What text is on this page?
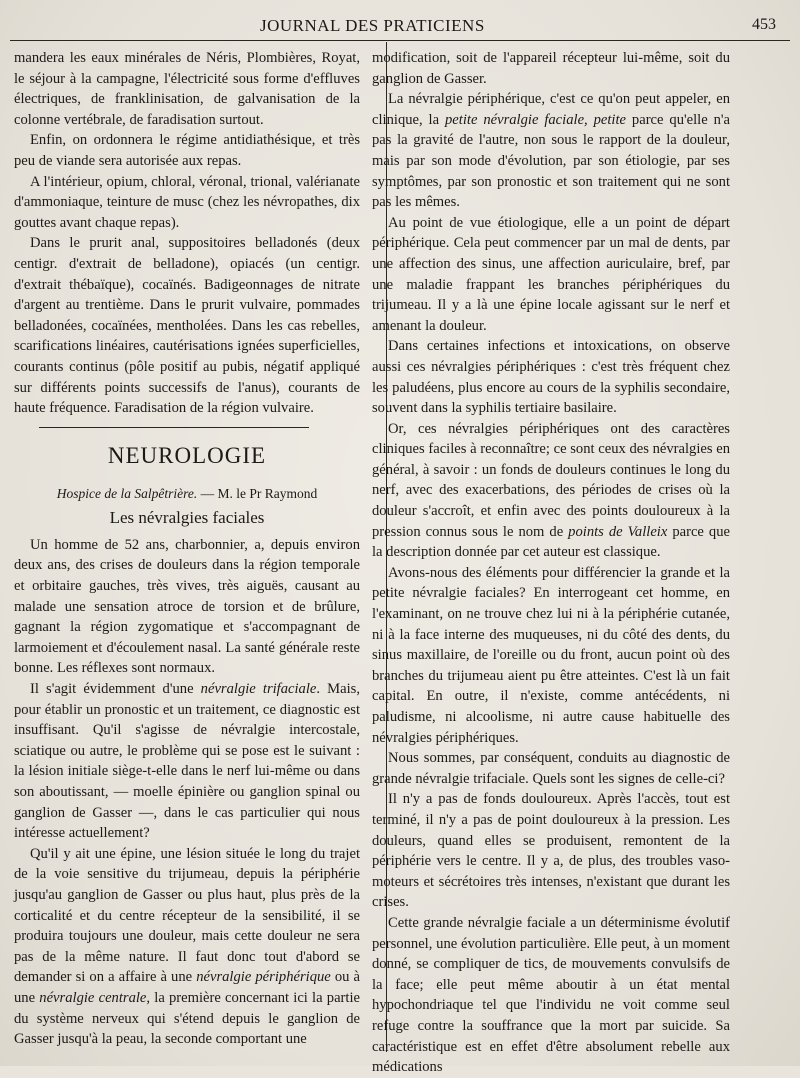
JOURNAL DES PRATICIENS	453

mandera les eaux minérales de Néris, Plombières, Royat, le séjour à la campagne, l'électricité sous forme d'effluves électriques, de franklinisation, de galvanisation de la colonne vertébrale, de faradisation surtout.

Enfin, on ordonnera le régime antidiathésique, et très peu de viande sera autorisée aux repas.

A l'intérieur, opium, chloral, véronal, trional, valérianate d'ammoniaque, teinture de musc (chez les névropathes, dix gouttes avant chaque repas).

Dans le prurit anal, suppositoires belladonés (deux centigr. d'extrait de belladone), opiacés (un centigr. d'extrait thébaïque), cocaïnés. Badigeonnages de nitrate d'argent au trentième. Dans le prurit vulvaire, pommades belladonées, cocaïnées, mentholées. Dans les cas rebelles, scarifications linéaires, cautérisations ignées superficielles, courants continus (pôle positif au pubis, négatif appliqué sur différents points successifs de l'anus), courants de haute fréquence. Faradisation de la région vulvaire.

NEUROLOGIE
Hospice de la Salpêtrière. — M. le Pr Raymond
Les névralgies faciales

Un homme de 52 ans, charbonnier, a, depuis environ deux ans, des crises de douleurs dans la région temporale et orbitaire gauches, très vives, très aiguës, causant au malade une sensation atroce de torsion et de brûlure, gagnant la région zygomatique et s'accompagnant de larmoiement et d'écoulement nasal. La santé générale reste bonne. Les réflexes sont normaux.

Il s'agit évidemment d'une névralgie trifaciale. Mais, pour établir un pronostic et un traitement, ce diagnostic est insuffisant. Qu'il s'agisse de névralgie intercostale, sciatique ou autre, le problème qui se pose est le suivant : la lésion initiale siège-t-elle dans le nerf lui-même ou dans son aboutissant, — moelle épinière ou ganglion spinal ou ganglion de Gasser —, dans le cas particulier qui nous intéresse actuellement?

Qu'il y ait une épine, une lésion située le long du trajet de la voie sensitive du trijumeau, depuis la périphérie jusqu'au ganglion de Gasser ou plus haut, plus près de la corticalité et du centre récepteur de la sensibilité, il se produira toujours une douleur, mais cette douleur ne sera pas de la même nature. Il faut donc tout d'abord se demander si on a affaire à une névralgie périphérique ou à une névralgie centrale, la première concernant ici la partie du système nerveux qui s'étend depuis le ganglion de Gasser jusqu'à la peau, la seconde comportant une

modification, soit de l'appareil récepteur lui-même, soit du ganglion de Gasser.

La névralgie périphérique, c'est ce qu'on peut appeler, en clinique, la petite névralgie faciale, petite parce qu'elle n'a pas la gravité de l'autre, non sous le rapport de la douleur, mais par son mode d'évolution, par son étiologie, par ses symptômes, par son pronostic et son traitement qui ne sont pas les mêmes.

Au point de vue étiologique, elle a un point de départ périphérique. Cela peut commencer par un mal de dents, par une affection des sinus, une affection auriculaire, bref, par une maladie frappant les branches périphériques du trijumeau. Il y a là une épine locale agissant sur le nerf et amenant la douleur.

Dans certaines infections et intoxications, on observe aussi ces névralgies périphériques : c'est très fréquent chez les paludéens, plus encore au cours de la syphilis secondaire, souvent dans la syphilis tertiaire basilaire.

Or, ces névralgies périphériques ont des caractères cliniques faciles à reconnaître; ce sont ceux des névralgies en général, à savoir : un fonds de douleurs continues le long du nerf, avec des exacerbations, des périodes de crises où la douleur s'accroît, et enfin avec des points douloureux à la pression connus sous le nom de points de Valleix parce que la description donnée par cet auteur est classique.

Avons-nous des éléments pour différencier la grande et la petite névralgie faciales? En interrogeant cet homme, en l'examinant, on ne trouve chez lui ni à la périphérie cutanée, ni à la face interne des muqueuses, ni du côté des dents, du sinus maxillaire, de l'oreille ou du front, aucun point où des branches du trijumeau aient pu être atteintes. C'est là un fait capital. En outre, il n'existe, comme antécédents, ni paludisme, ni alcoolisme, ni autre cause habituelle des névralgies périphériques.

Nous sommes, par conséquent, conduits au diagnostic de grande névralgie trifaciale. Quels sont les signes de celle-ci?

Il n'y a pas de fonds douloureux. Après l'accès, tout est terminé, il n'y a pas de point douloureux à la pression. Les douleurs, quand elles se produisent, remontent de la périphérie vers le centre. Il y a, de plus, des troubles vaso-moteurs et sécrétoires très intenses, n'existant que durant les crises.

Cette grande névralgie faciale a un déterminisme évolutif personnel, une évolution particulière. Elle peut, à un moment donné, se compliquer de tics, de mouvements convulsifs de la face; elle peut même aboutir à un état mental hypochondriaque tel que l'individu ne voit comme seul refuge contre la souffrance que la mort par suicide. Sa caractéristique est en effet d'être absolument rebelle aux médications
